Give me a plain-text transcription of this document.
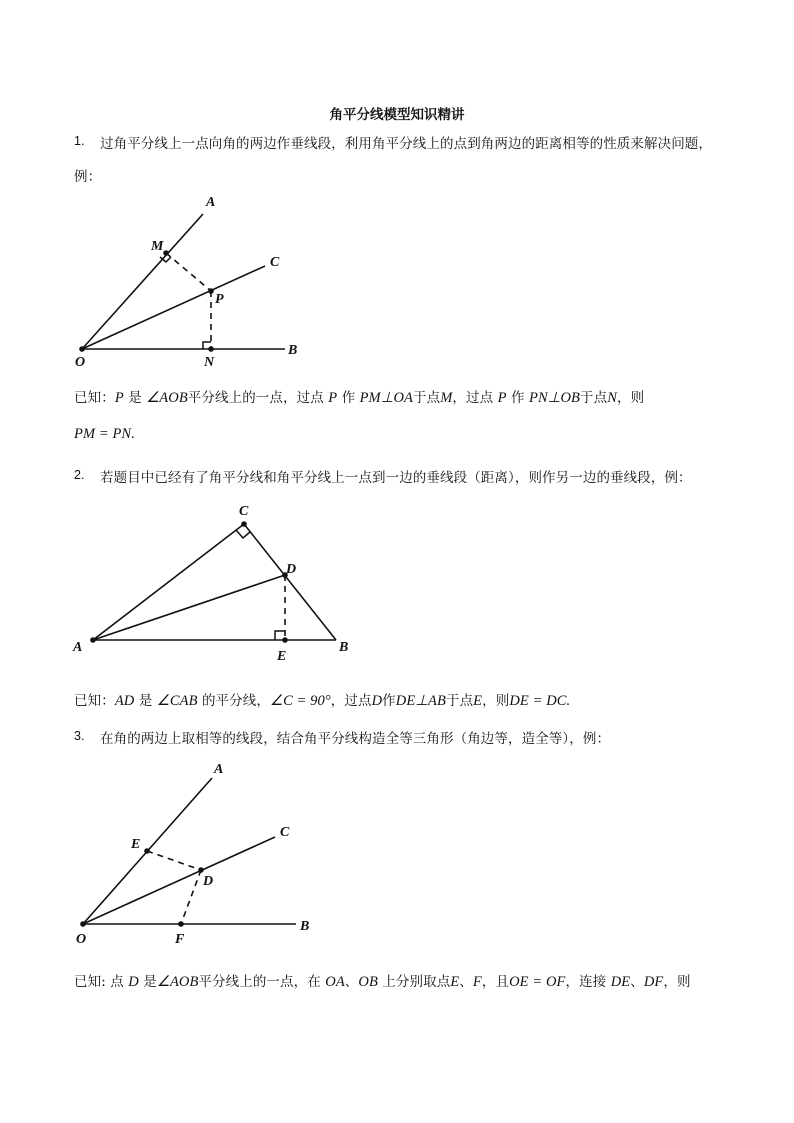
角平分线模型知识精讲
1. 过角平分线上一点向角的两边作垂线段，利用角平分线上的点到角两边的距离相等的性质来解决问题，
例：
A
M
C
P
O	N
B
C
D
A
E
B
A
C
E
D
O	F
B
已知：P 是 ∠AOB平分线上的一点，过点 P 作 PM⊥OA于点M，过点 P 作 PN⊥OB于点N，则
PM = PN.
2. 若题目中已经有了角平分线和角平分线上一点到一边的垂线段（距离），则作另一边的垂线段，例：
已知：AD 是 ∠CAB 的平分线，∠C = 90°，过点D作DE⊥AB于点E，则DE = DC.
3. 在角的两边上取相等的线段，结合角平分线构造全等三角形（角边等，造全等），例：
已知: 点 D 是∠AOB平分线上的一点，在 OA、OB 上分别取点E、F，且OE = OF，连接 DE、DF，则
